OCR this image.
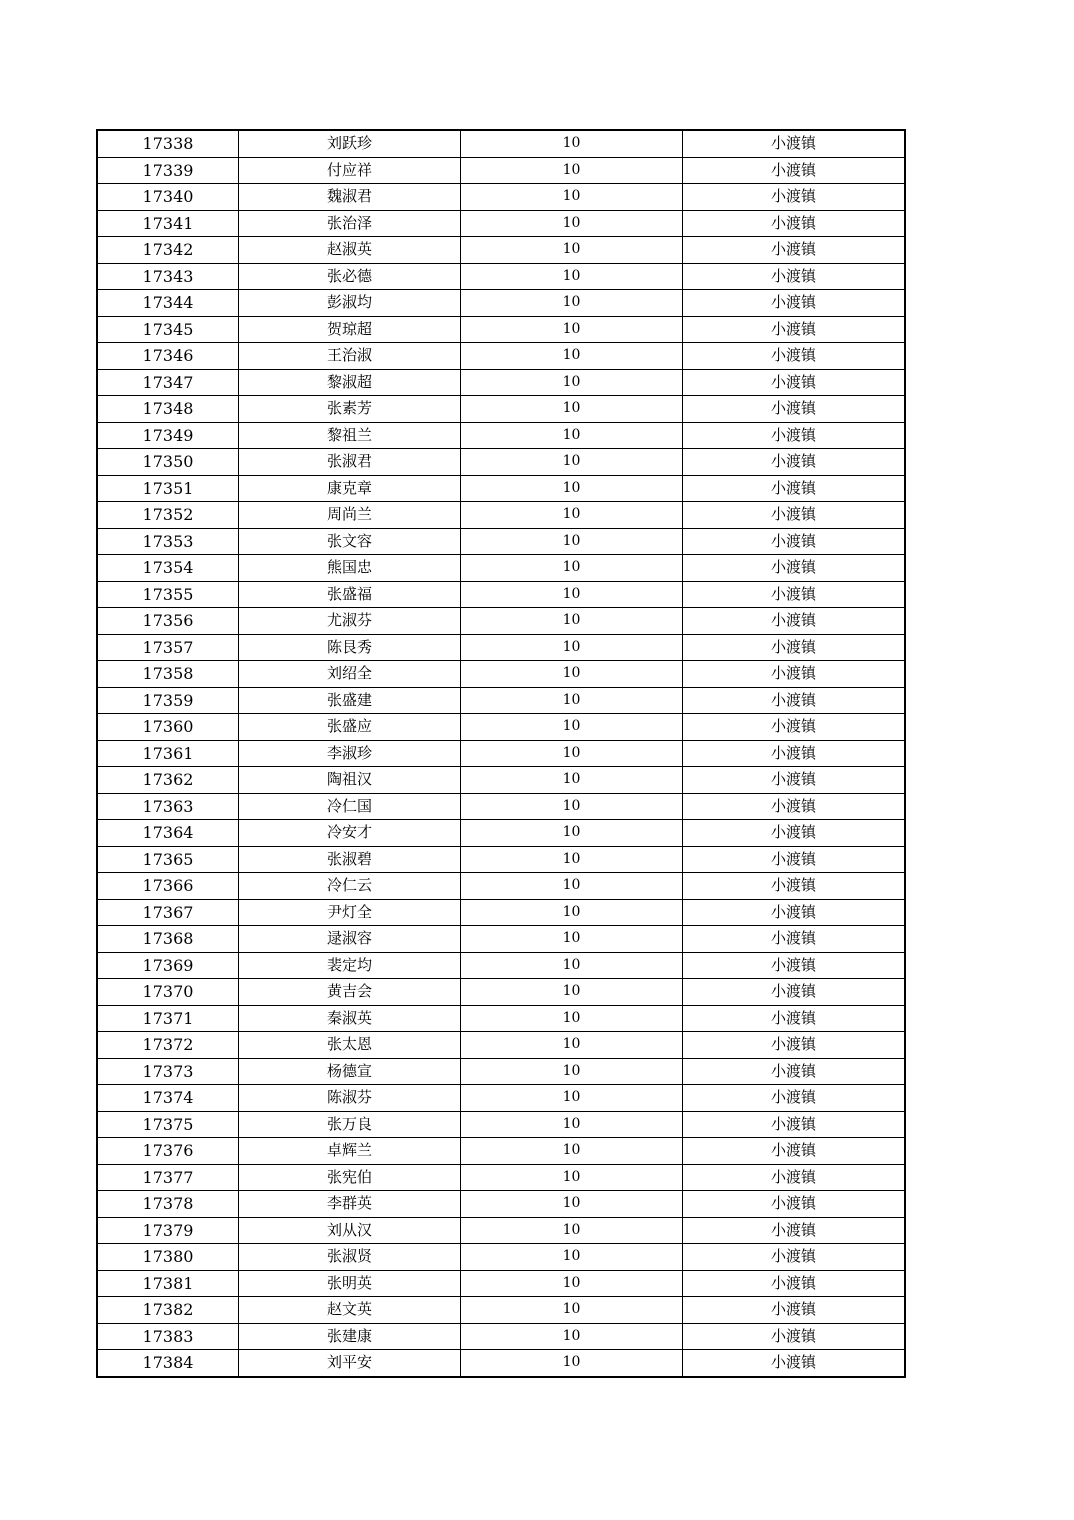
17338	刘跃珍	10	小渡镇
17339	付应祥	10	小渡镇
17340	魏淑君	10	小渡镇
17341	张治泽	10	小渡镇
17342	赵淑英	10	小渡镇
17343	张必德	10	小渡镇
17344	彭淑均	10	小渡镇
17345	贺琼超	10	小渡镇
17346	王治淑	10	小渡镇
17347	黎淑超	10	小渡镇
17348	张素芳	10	小渡镇
17349	黎祖兰	10	小渡镇
17350	张淑君	10	小渡镇
17351	康克章	10	小渡镇
17352	周尚兰	10	小渡镇
17353	张文容	10	小渡镇
17354	熊国忠	10	小渡镇
17355	张盛福	10	小渡镇
17356	尤淑芬	10	小渡镇
17357	陈艮秀	10	小渡镇
17358	刘绍全	10	小渡镇
17359	张盛建	10	小渡镇
17360	张盛应	10	小渡镇
17361	李淑珍	10	小渡镇
17362	陶祖汉	10	小渡镇
17363	冷仁国	10	小渡镇
17364	冷安才	10	小渡镇
17365	张淑碧	10	小渡镇
17366	冷仁云	10	小渡镇
17367	尹灯全	10	小渡镇
17368	逯淑容	10	小渡镇
17369	裴定均	10	小渡镇
17370	黄吉会	10	小渡镇
17371	秦淑英	10	小渡镇
17372	张太恩	10	小渡镇
17373	杨德宣	10	小渡镇
17374	陈淑芬	10	小渡镇
17375	张万良	10	小渡镇
17376	卓辉兰	10	小渡镇
17377	张宪伯	10	小渡镇
17378	李群英	10	小渡镇
17379	刘从汉	10	小渡镇
17380	张淑贤	10	小渡镇
17381	张明英	10	小渡镇
17382	赵文英	10	小渡镇
17383	张建康	10	小渡镇
17384	刘平安	10	小渡镇
